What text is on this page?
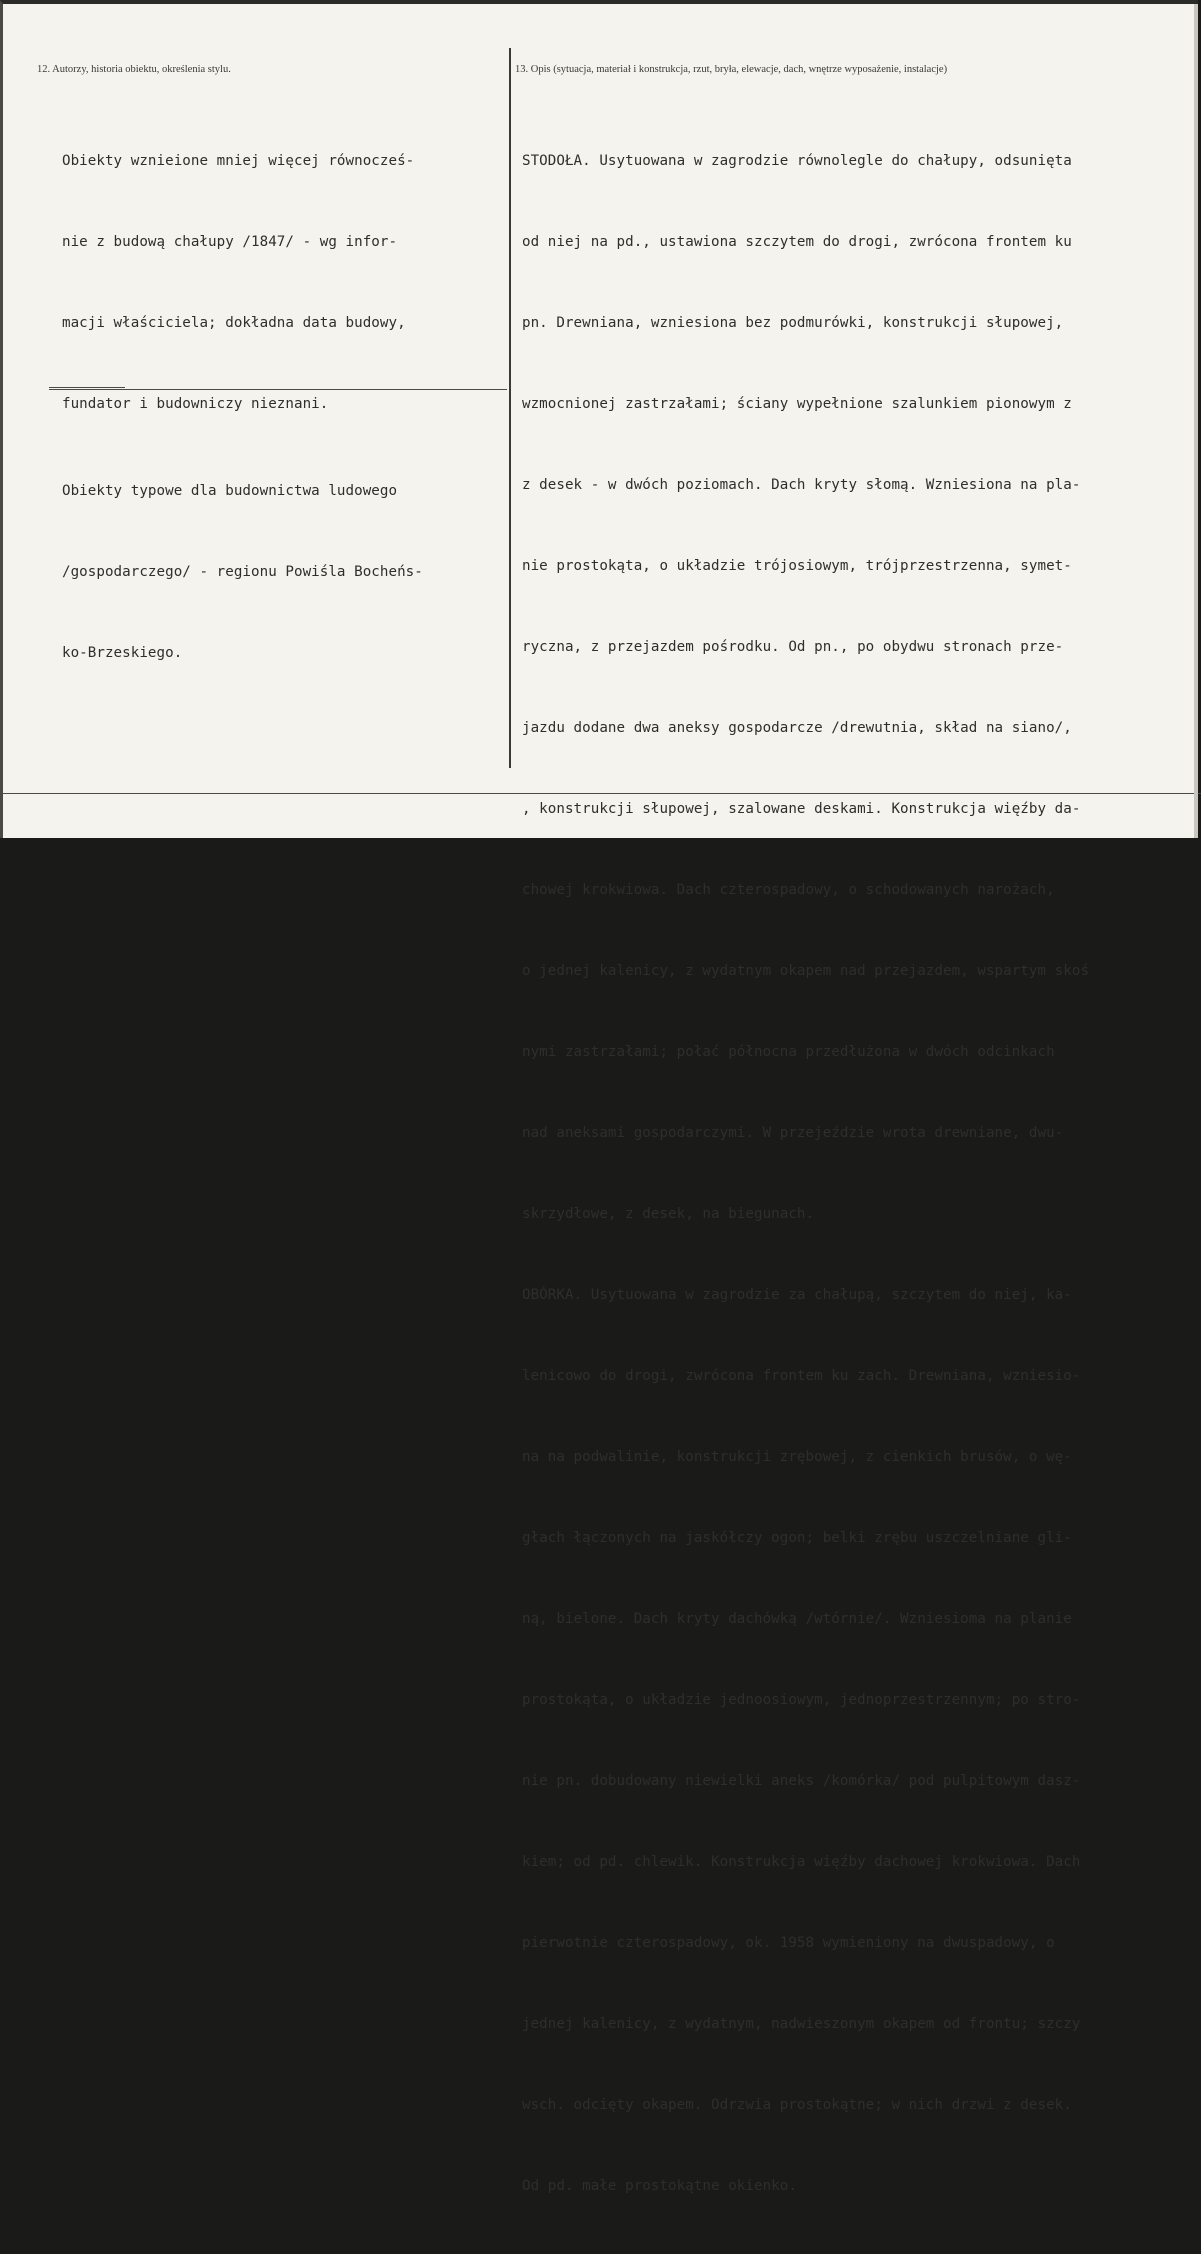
12. Autorzy, historia obiektu, określenia stylu.	13. Opis (sytuacja, materiał i konstrukcja, rzut, bryła, elewacje, dach, wnętrze wyposażenie, instalacje)

Obiekty wznieione mniej więcej równocześ-

nie z budową chałupy /1847/ - wg infor-

macji właściciela; dokładna data budowy,

fundator i budowniczy nieznani.

Obiekty typowe dla budownictwa ludowego

/gospodarczego/ - regionu Powiśla Bocheńs-

ko-Brzeskiego.

STODOŁA. Usytuowana w zagrodzie równolegle do chałupy, odsunięta

od niej na pd., ustawiona szczytem do drogi, zwrócona frontem ku

pn. Drewniana, wzniesiona bez podmurówki, konstrukcji słupowej,

wzmocnionej zastrzałami; ściany wypełnione szalunkiem pionowym z

z desek - w dwóch poziomach. Dach kryty słomą. Wzniesiona na pla-

nie prostokąta, o układzie trójosiowym, trójprzestrzenna, symet-

ryczna, z przejazdem pośrodku. Od pn., po obydwu stronach prze-

jazdu dodane dwa aneksy gospodarcze /drewutnia, skład na siano/,

, konstrukcji słupowej, szalowane deskami. Konstrukcja więźby da-

chowej krokwiowa. Dach czterospadowy, o schodowanych narożach,

o jednej kalenicy, z wydatnym okapem nad przejazdem, wspartym skoś

nymi zastrzałami; połać północna przedłużona w dwóch odcinkach

nad aneksami gospodarczymi. W przejeździe wrota drewniane, dwu-

skrzydłowe, z desek, na biegunach.

OBÓRKA. Usytuowana w zagrodzie za chałupą, szczytem do niej, ka-

lenicowo do drogi, zwrócona frontem ku zach. Drewniana, wzniesio-

na na podwalinie, konstrukcji zrębowej, z cienkich brusów, o wę-

głach łączonych na jaskółczy ogon; belki zrębu uszczelniane gli-

ną, bielone. Dach kryty dachówką /wtórnie/. Wzniesioma na planie

prostokąta, o układzie jednoosiowym, jednoprzestrzennym; po stro-

nie pn. dobudowany niewielki aneks /komórka/ pod pulpitowym dasz-

kiem; od pd. chlewik. Konstrukcja więźby dachowej krokwiowa. Dach

pierwotnie czterospadowy, ok. 1958 wymieniony na dwuspadowy, o

jednej kalenicy, z wydatnym, nadwieszonym okapem od frontu; szczy

wsch. odcięty okapem. Odrzwia prostokątne; w nich drzwi z desek.

Od pd. małe prostokątne okienko.
